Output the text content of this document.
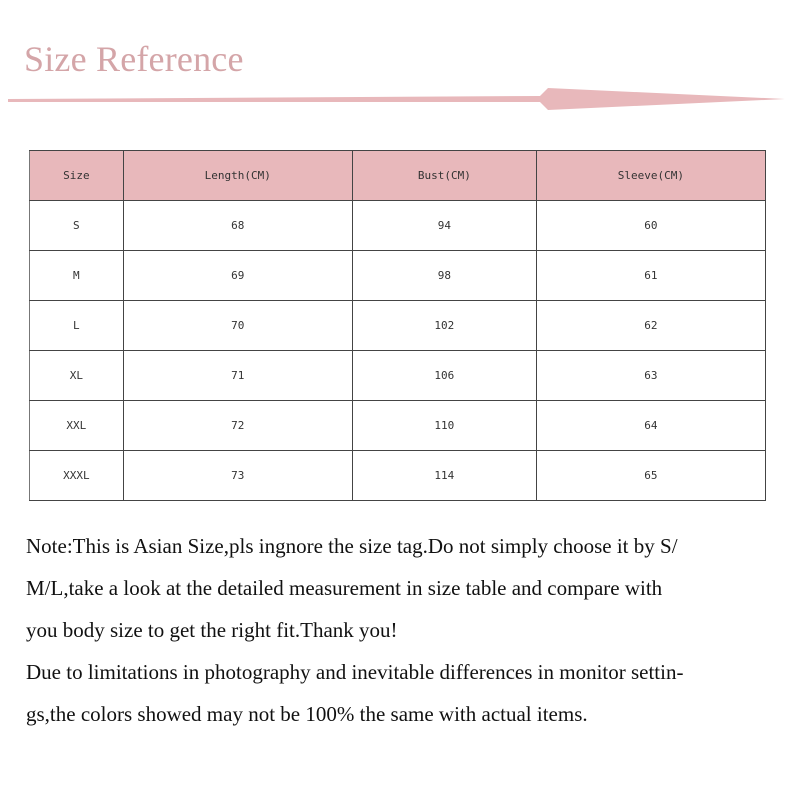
Size Reference
Size	Length(CM)	Bust(CM)	Sleeve(CM)
S	68	94	60
M	69	98	61
L	70	102	62
XL	71	106	63
XXL	72	110	64
XXXL	73	114	65

Note:This is Asian Size,pls ingnore the size tag.Do not simply choose it by S/

M/L,take a look at the detailed measurement in size table and compare with

you body size to get the right fit.Thank you!

Due to limitations in photography and inevitable differences in monitor settin-

gs,the colors showed may not be 100% the same with actual items.
